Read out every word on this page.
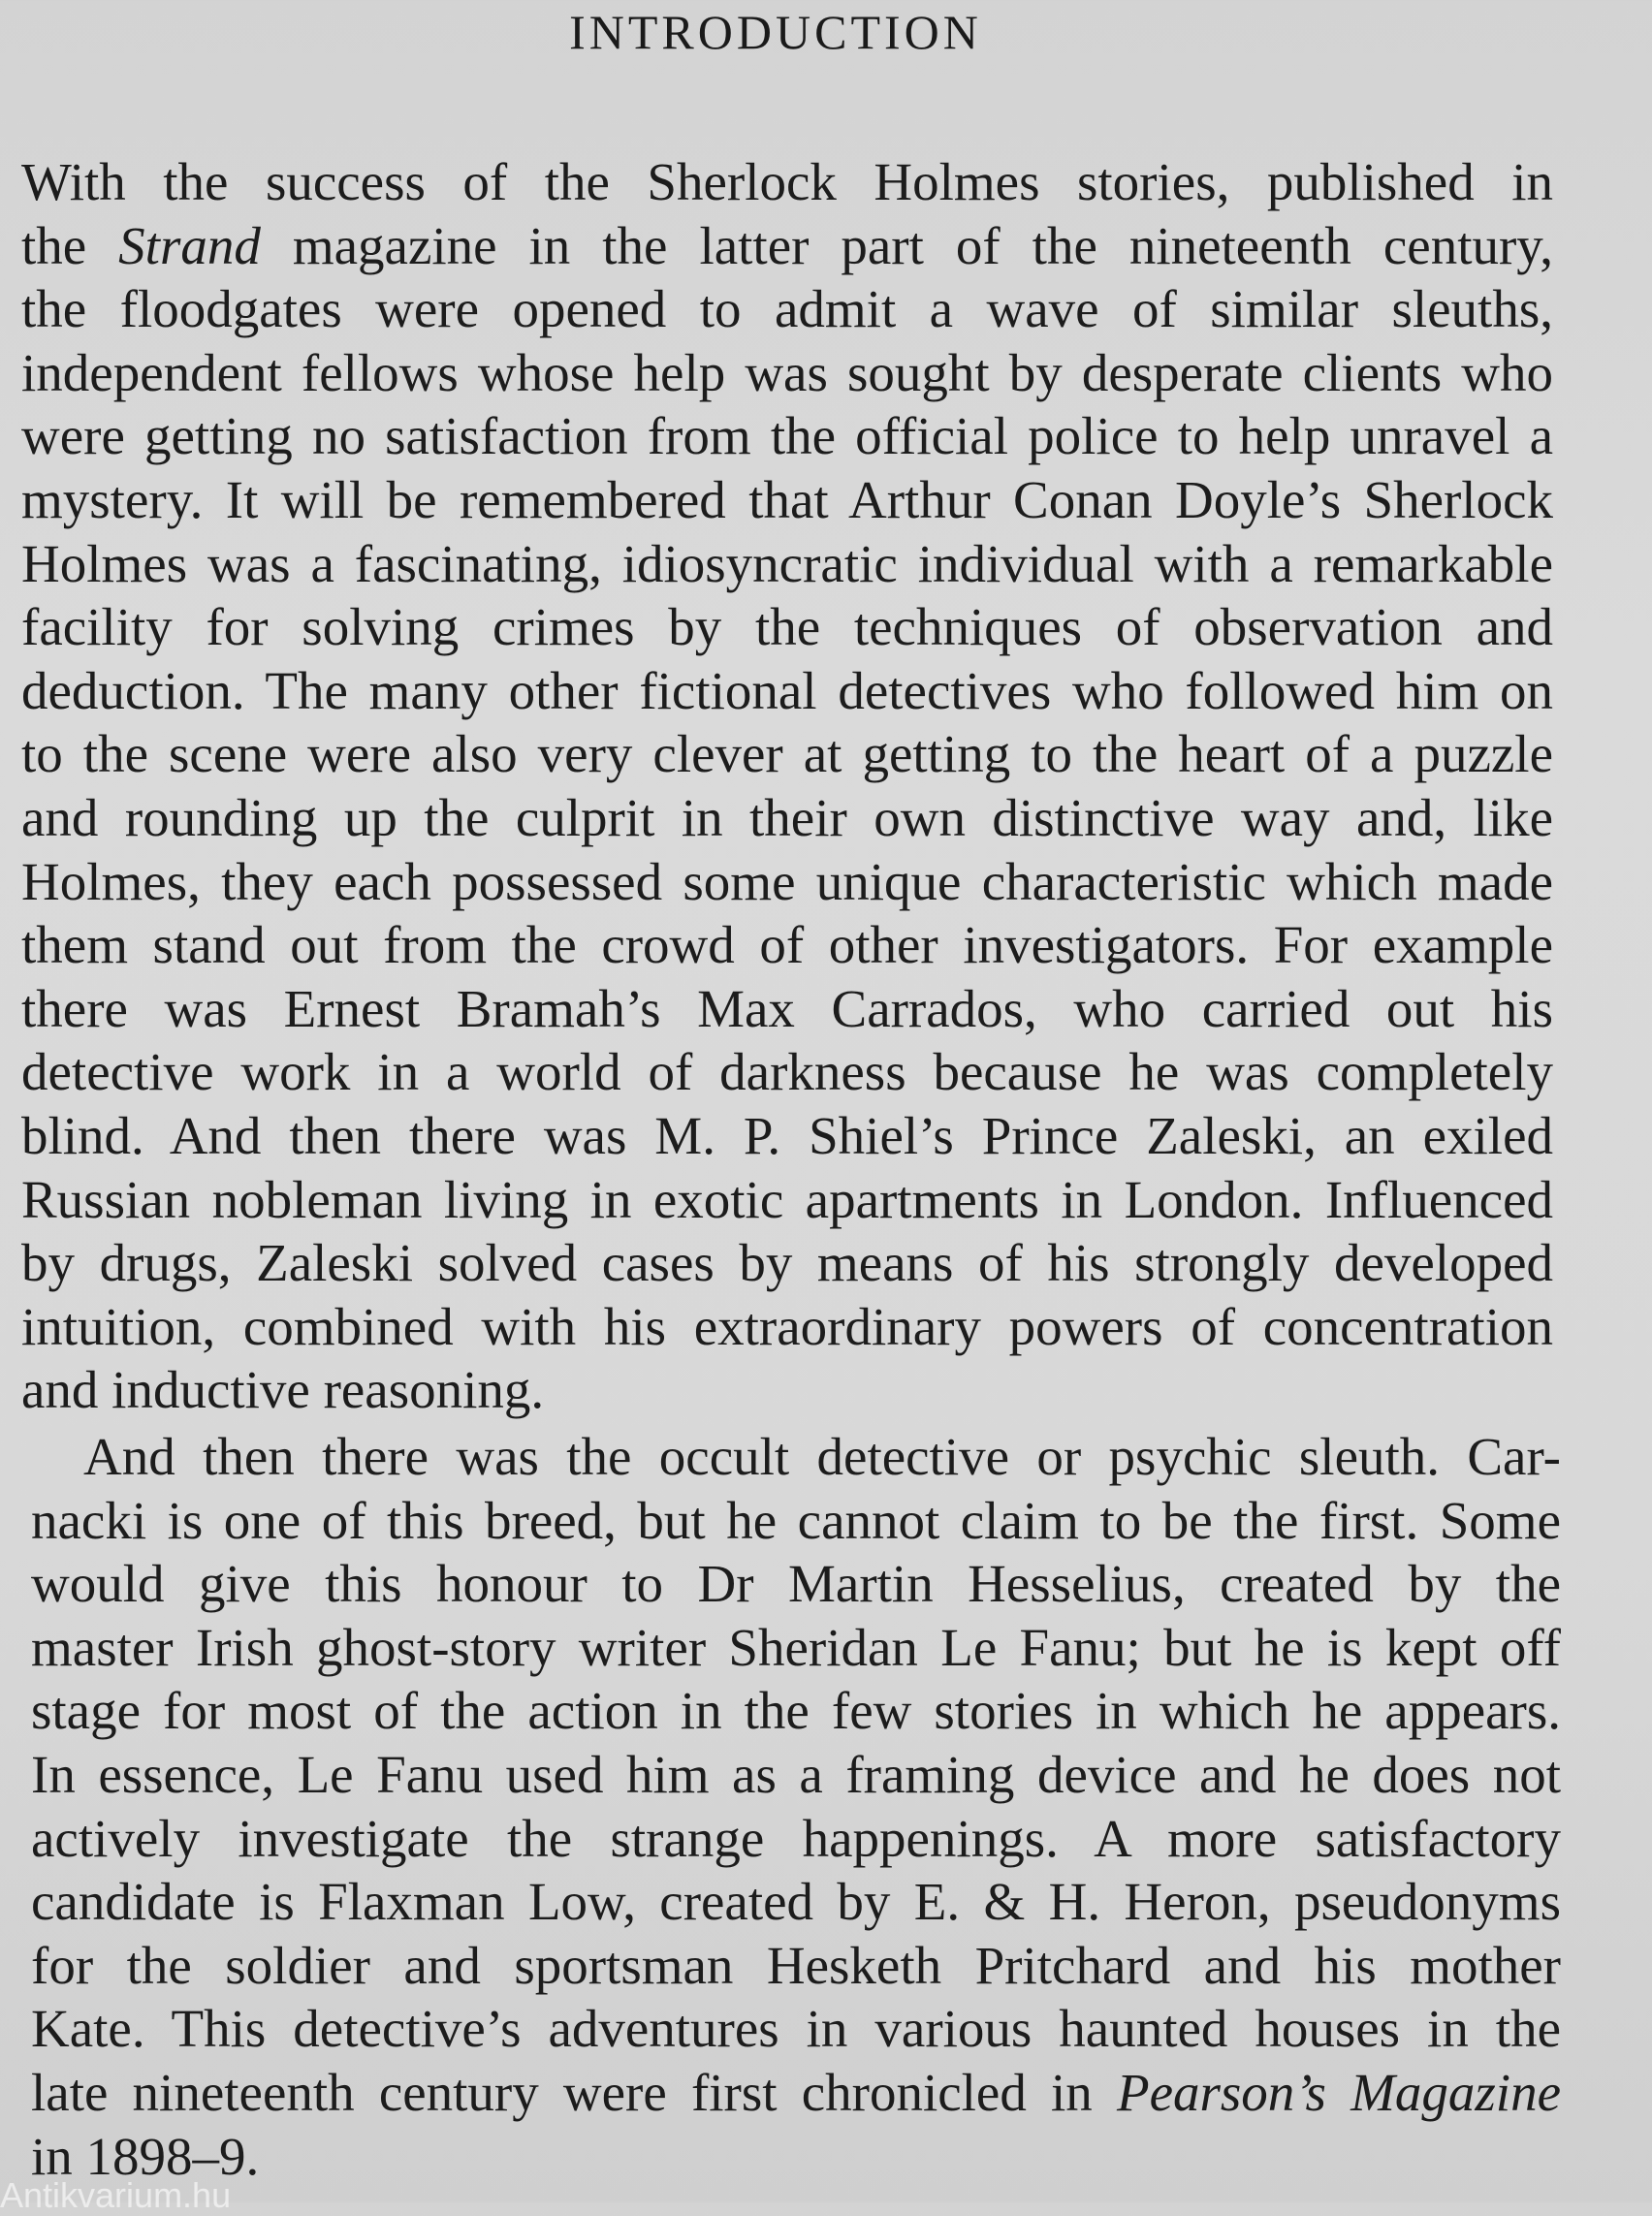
INTRODUCTION
With the success of the Sherlock Holmes stories, published in
the Strand magazine in the latter part of the nineteenth century,
the floodgates were opened to admit a wave of similar sleuths,
independent fellows whose help was sought by desperate clients who
were getting no satisfaction from the official police to help unravel a
mystery. It will be remembered that Arthur Conan Doyle’s Sherlock
Holmes was a fascinating, idiosyncratic individual with a remarkable
facility for solving crimes by the techniques of observation and
deduction. The many other fictional detectives who followed him on
to the scene were also very clever at getting to the heart of a puzzle
and rounding up the culprit in their own distinctive way and, like
Holmes, they each possessed some unique characteristic which made
them stand out from the crowd of other investigators. For example
there was Ernest Bramah’s Max Carrados, who carried out his
detective work in a world of darkness because he was completely
blind. And then there was M. P. Shiel’s Prince Zaleski, an exiled
Russian nobleman living in exotic apartments in London. Influenced
by drugs, Zaleski solved cases by means of his strongly developed
intuition, combined with his extraordinary powers of concentration
and inductive reasoning.
And then there was the occult detective or psychic sleuth. Car-
nacki is one of this breed, but he cannot claim to be the first. Some
would give this honour to Dr Martin Hesselius, created by the
master Irish ghost-story writer Sheridan Le Fanu; but he is kept off
stage for most of the action in the few stories in which he appears.
In essence, Le Fanu used him as a framing device and he does not
actively investigate the strange happenings. A more satisfactory
candidate is Flaxman Low, created by E. & H. Heron, pseudonyms
for the soldier and sportsman Hesketh Pritchard and his mother
Kate. This detective’s adventures in various haunted houses in the
late nineteenth century were first chronicled in Pearson’s Magazine
in 1898–9.
Antikvarium.hu
